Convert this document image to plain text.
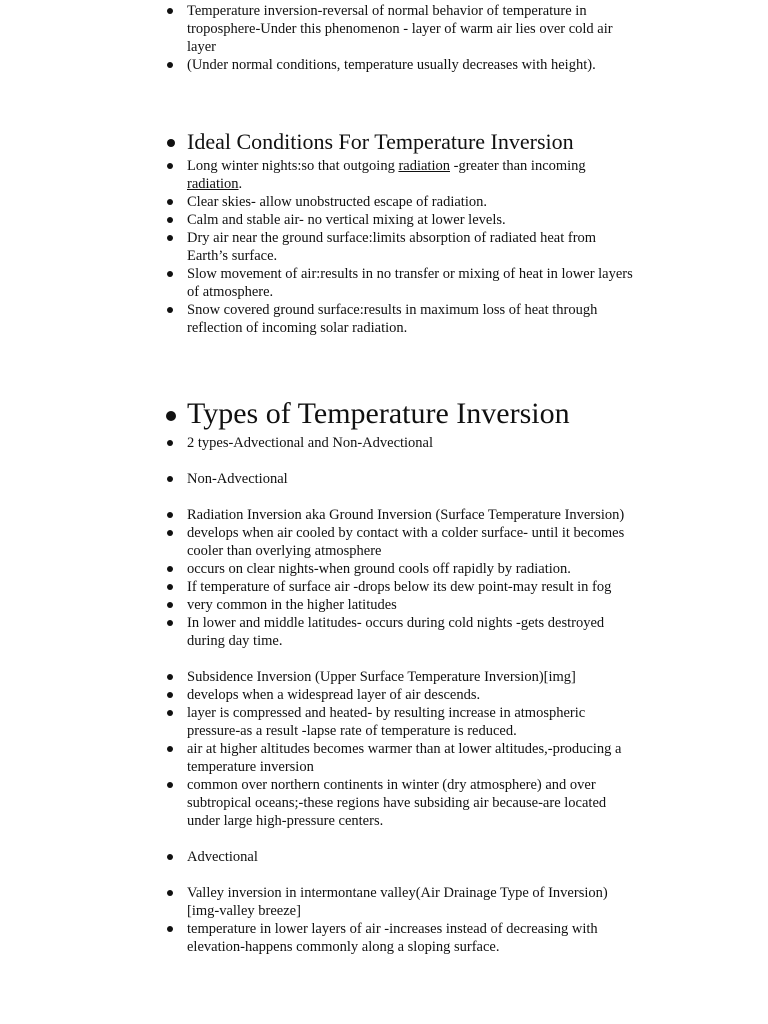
Temperature inversion-reversal of normal behavior of temperature in troposphere-Under this phenomenon - layer of warm air lies over cold air layer
(Under normal conditions, temperature usually decreases with height).
Ideal Conditions For Temperature Inversion
Long winter nights:so that outgoing radiation -greater than incoming radiation.
Clear skies- allow unobstructed escape of radiation.
Calm and stable air- no vertical mixing at lower levels.
Dry air near the ground surface:limits absorption of radiated heat from Earth’s surface.
Slow movement of air:results in no transfer or mixing of heat in lower layers of atmosphere.
Snow covered ground surface:results in maximum loss of heat through reflection of incoming solar radiation.
Types of Temperature Inversion
2 types-Advectional and Non-Advectional
Non-Advectional
Radiation Inversion aka Ground Inversion (Surface Temperature Inversion)
develops when air cooled by contact with a colder surface- until it becomes cooler than overlying atmosphere
occurs on clear nights-when ground cools off rapidly by radiation.
If temperature of surface air -drops below its dew point-may result in fog
very common in the higher latitudes
In lower and middle latitudes- occurs during cold nights -gets destroyed during day time.
Subsidence Inversion (Upper Surface Temperature Inversion)[img]
develops when a widespread layer of air descends.
layer is compressed and heated- by resulting increase in atmospheric pressure-as a result -lapse rate of temperature is reduced.
air at higher altitudes becomes warmer than at lower altitudes,-producing a temperature inversion
common over northern continents in winter (dry atmosphere) and over subtropical oceans;-these regions have subsiding air because-are located under large high-pressure centers.
Advectional
Valley inversion in intermontane valley(Air Drainage Type of Inversion) [img-valley breeze]
temperature in lower layers of air -increases instead of decreasing with elevation-happens commonly along a sloping surface.
